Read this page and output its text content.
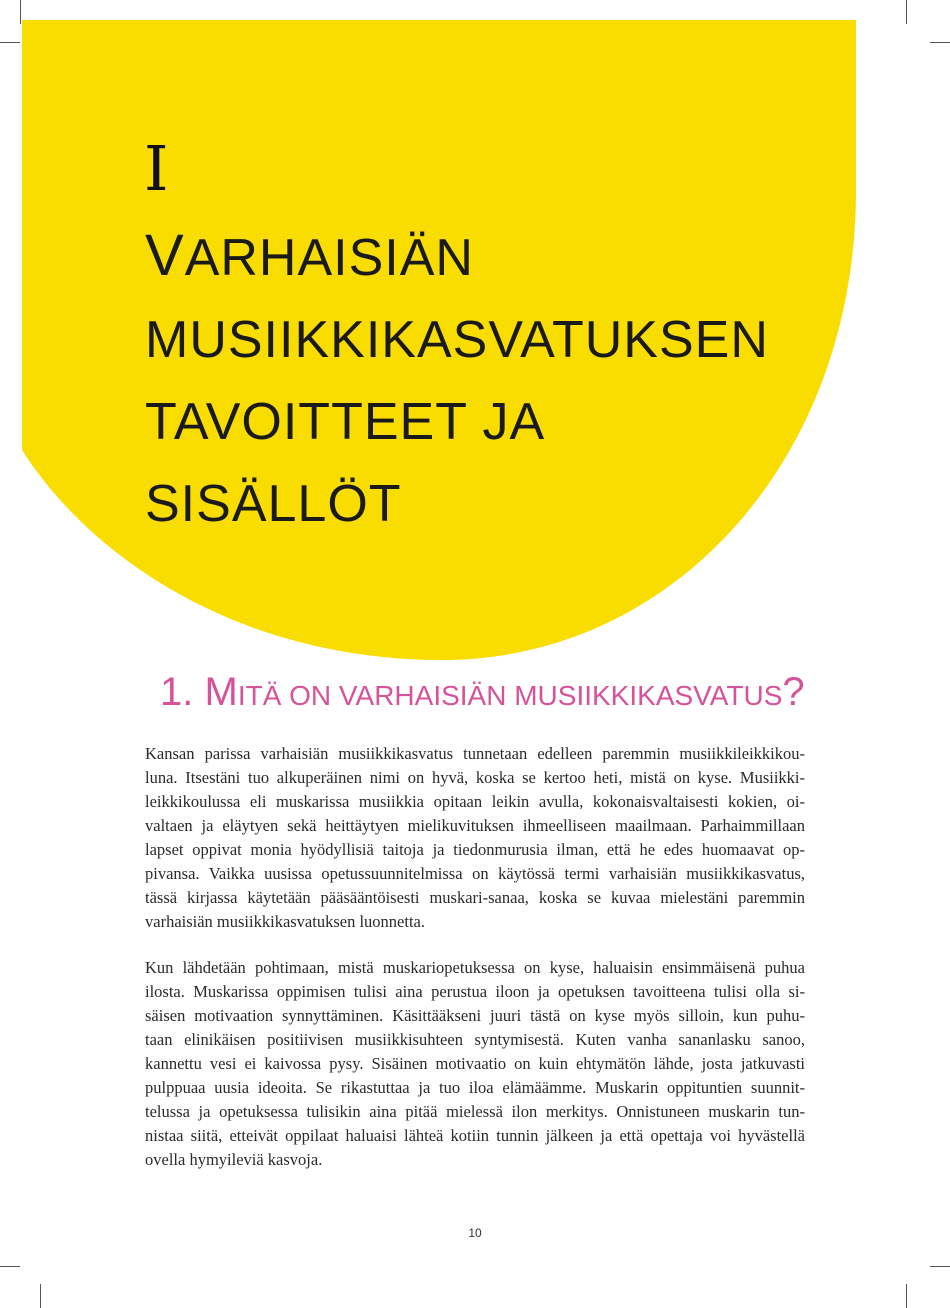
I
VARHAISIÄN
MUSIIKKIKASVATUKSEN
TAVOITTEET JA
SISÄLLÖT
1. MITÄ ON VARHAISIÄN MUSIIKKIKASVATUS?

Kansan parissa varhaisiän musiikkikasvatus tunnetaan edelleen paremmin musiikkileikkikou-
luna. Itsestäni tuo alkuperäinen nimi on hyvä, koska se kertoo heti, mistä on kyse. Musiikki-
leikkikoulussa eli muskarissa musiikkia opitaan leikin avulla, kokonaisvaltaisesti kokien, oi-
valtaen ja eläytyen sekä heittäytyen mielikuvituksen ihmeelliseen maailmaan. Parhaimmillaan
lapset oppivat monia hyödyllisiä taitoja ja tiedonmurusia ilman, että he edes huomaavat op-
pivansa. Vaikka uusissa opetussuunnitelmissa on käytössä termi varhaisiän musiikkikasvatus,
tässä kirjassa käytetään pääsääntöisesti muskari-sanaa, koska se kuvaa mielestäni paremmin
varhaisiän musiikkikasvatuksen luonnetta.

Kun lähdetään pohtimaan, mistä muskariopetuksessa on kyse, haluaisin ensimmäisenä puhua
ilosta. Muskarissa oppimisen tulisi aina perustua iloon ja opetuksen tavoitteena tulisi olla si-
säisen motivaation synnyttäminen. Käsittääkseni juuri tästä on kyse myös silloin, kun puhu-
taan elinikäisen positiivisen musiikkisuhteen syntymisestä. Kuten vanha sananlasku sanoo,
kannettu vesi ei kaivossa pysy. Sisäinen motivaatio on kuin ehtymätön lähde, josta jatkuvasti
pulppuaa uusia ideoita. Se rikastuttaa ja tuo iloa elämäämme. Muskarin oppituntien suunnit-
telussa ja opetuksessa tulisikin aina pitää mielessä ilon merkitys. Onnistuneen muskarin tun-
nistaa siitä, etteivät oppilaat haluaisi lähteä kotiin tunnin jälkeen ja että opettaja voi hyvästellä
ovella hymyileviä kasvoja.

10
